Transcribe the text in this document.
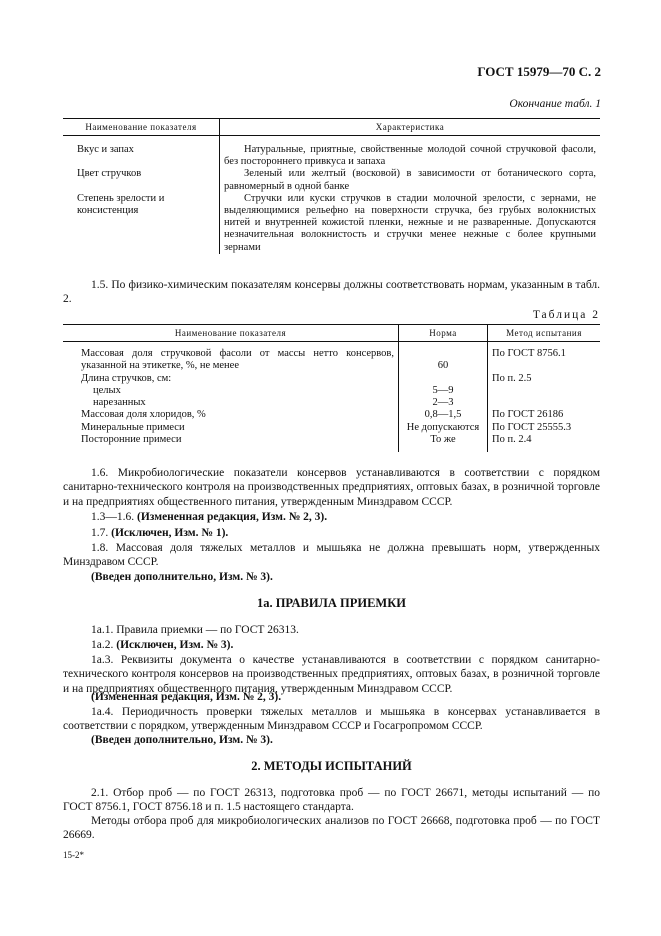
ГОСТ 15979—70 С. 2
Окончание табл. 1
Наименование показателя	Характеристика
Вкус и запах	Натуральные, приятные, свойственные молодой сочной стручковой фасоли, без постороннего привкуса и запаха
Цвет стручков	Зеленый или желтый (восковой) в зависимости от ботанического сорта, равномерный в одной банке
Степень зрелости и консистенция	Стручки или куски стручков в стадии молочной зрелости, с зернами, не выделяющимися рельефно на поверхности стручка, без грубых волокнистых нитей и внутренней кожистой пленки, нежные и не разваренные. Допускаются незначительная волокнистость и стручки менее нежные с более крупными зернами
1.5. По физико-химическим показателям консервы должны соответствовать нормам, указанным в табл. 2.
Таблица 2
Наименование показателя	Норма	Метод испытания
Массовая доля стручковой фасоли от массы нетто консервов, указанной на этикетке, %, не менее	60	По ГОСТ 8756.1
Длина стручков, см:		По п. 2.5
целых	5—9	
нарезанных	2—3	
Массовая доля хлоридов, %	0,8—1,5	По ГОСТ 26186
Минеральные примеси	Не допускаются	По ГОСТ 25555.3
Посторонние примеси	То же	По п. 2.4
1.6. Микробиологические показатели консервов устанавливаются в соответствии с порядком санитарно-технического контроля на производственных предприятиях, оптовых базах, в розничной торговле и на предприятиях общественного питания, утвержденным Минздравом СССР.
1.3—1.6. (Измененная редакция, Изм. № 2, 3).
1.7. (Исключен, Изм. № 1).
1.8. Массовая доля тяжелых металлов и мышьяка не должна превышать норм, утвержденных Минздравом СССР.
(Введен дополнительно, Изм. № 3).
1а. ПРАВИЛА ПРИЕМКИ
1а.1. Правила приемки — по ГОСТ 26313.
1а.2. (Исключен, Изм. № 3).
1а.3. Реквизиты документа о качестве устанавливаются в соответствии с порядком санитарно-технического контроля консервов на производственных предприятиях, оптовых базах, в розничной торговле и на предприятиях общественного питания, утвержденным Минздравом СССР.
(Измененная редакция, Изм. № 2, 3).
1а.4. Периодичность проверки тяжелых металлов и мышьяка в консервах устанавливается в соответствии с порядком, утвержденным Минздравом СССР и Госагропромом СССР.
(Введен дополнительно, Изм. № 3).
2. МЕТОДЫ ИСПЫТАНИЙ
2.1. Отбор проб — по ГОСТ 26313, подготовка проб — по ГОСТ 26671, методы испытаний — по ГОСТ 8756.1, ГОСТ 8756.18 и п. 1.5 настоящего стандарта.
Методы отбора проб для микробиологических анализов по ГОСТ 26668, подготовка проб — по ГОСТ 26669.
15-2*
